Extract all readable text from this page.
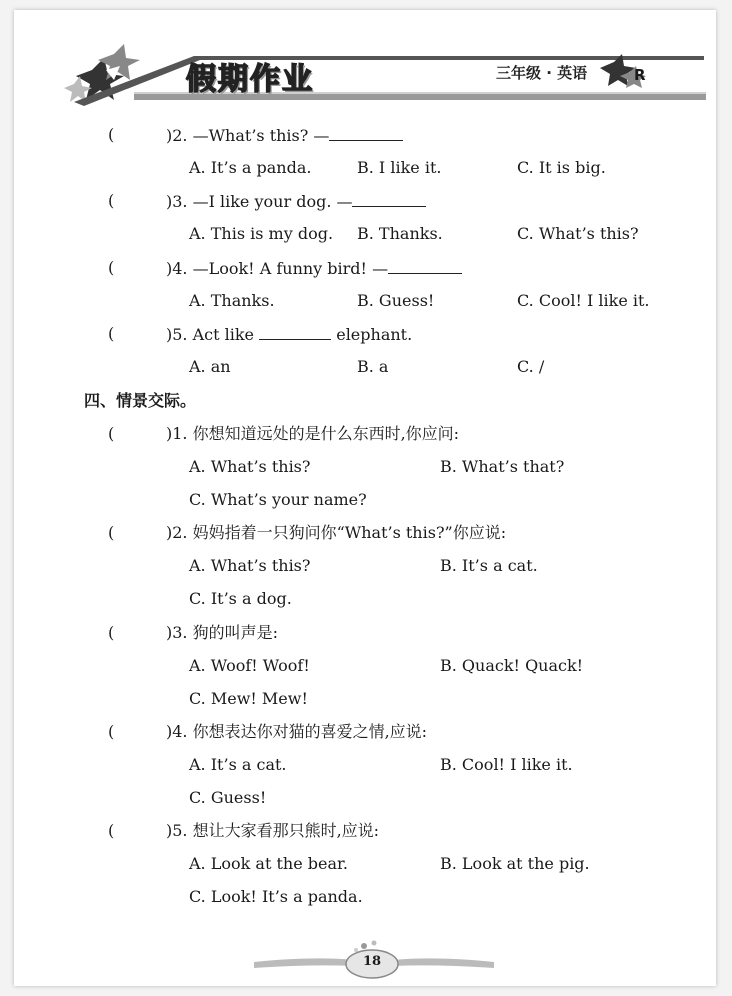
假期作业	三年级 · 英语	R
(	)2. —What’s this? —
A. It’s a panda.	B. I like it.	C. It is big.
(	)3. —I like your dog. —
A. This is my dog. B. Thanks.	C. What’s this?
(	)4. —Look! A funny bird! —
A. Thanks.	B. Guess!	C. Cool! I like it.
(	)5. Act like	elephant.
A. an	B. a	C. /
四、情景交际。
(	)1. 你想知道远处的是什么东西时,你应问:
A. What’s this?	B. What’s that?
C. What’s your name?
(	)2. 妈妈指着一只狗问你“What’s this?”你应说:
A. What’s this?	B. It’s a cat.
C. It’s a dog.
(	)3. 狗的叫声是:
A. Woof! Woof!	B. Quack! Quack!
C. Mew! Mew!
(	)4. 你想表达你对猫的喜爱之情,应说:
A. It’s a cat.	B. Cool! I like it.
C. Guess!
(	)5. 想让大家看那只熊时,应说:
A. Look at the bear.	B. Look at the pig.
C. Look! It’s a panda.
18
